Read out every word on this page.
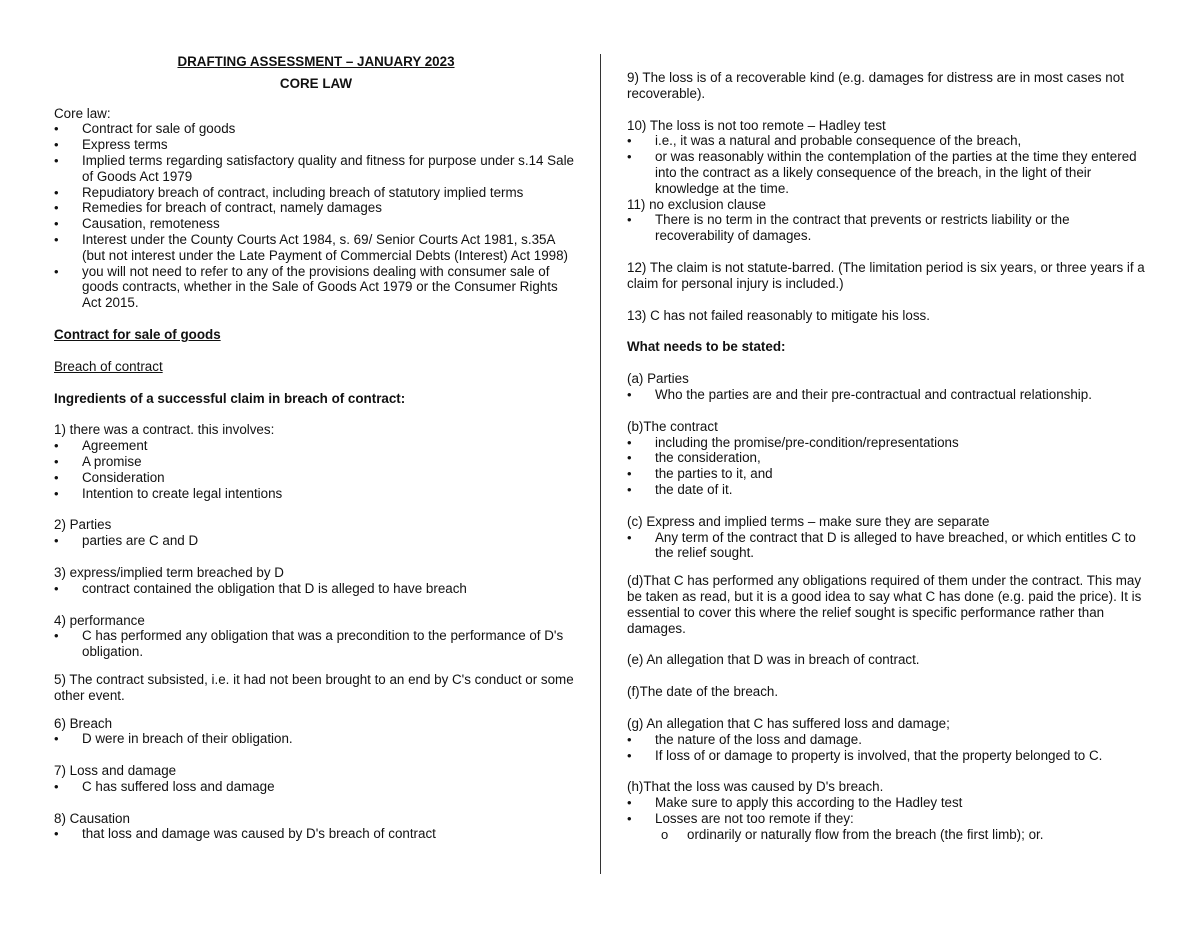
DRAFTING ASSESSMENT – JANUARY 2023

CORE LAW

Core law:

• Contract for sale of goods
• Express terms
• Implied terms regarding satisfactory quality and fitness for purpose under s.14 Sale of Goods Act 1979
• Repudiatory breach of contract, including breach of statutory implied terms
• Remedies for breach of contract, namely damages
• Causation, remoteness
• Interest under the County Courts Act 1984, s. 69/ Senior Courts Act 1981, s.35A (but not interest under the Late Payment of Commercial Debts (Interest) Act 1998)
• you will not need to refer to any of the provisions dealing with consumer sale of goods contracts, whether in the Sale of Goods Act 1979 or the Consumer Rights Act 2015.

Contract for sale of goods

Breach of contract

Ingredients of a successful claim in breach of contract:

1) there was a contract. this involves:

• Agreement
• A promise
• Consideration
• Intention to create legal intentions

2) Parties

• parties are C and D

3) express/implied term breached by D

• contract contained the obligation that D is alleged to have breach

4) performance

• C has performed any obligation that was a precondition to the performance of D's obligation.

5) The contract subsisted, i.e. it had not been brought to an end by C's conduct or some other event.

6) Breach

• D were in breach of their obligation.

7) Loss and damage

• C has suffered loss and damage

8) Causation

• that loss and damage was caused by D's breach of contract

9) The loss is of a recoverable kind (e.g. damages for distress are in most cases not recoverable).

10) The loss is not too remote – Hadley test

• i.e., it was a natural and probable consequence of the breach,
• or was reasonably within the contemplation of the parties at the time they entered into the contract as a likely consequence of the breach, in the light of their knowledge at the time.

11) no exclusion clause

• There is no term in the contract that prevents or restricts liability or the recoverability of damages.

12) The claim is not statute-barred. (The limitation period is six years, or three years if a claim for personal injury is included.)

13) C has not failed reasonably to mitigate his loss.

What needs to be stated:

(a) Parties

• Who the parties are and their pre-contractual and contractual relationship.

(b)The contract

• including the promise/pre-condition/representations
• the consideration,
• the parties to it, and
• the date of it.

(c) Express and implied terms – make sure they are separate

• Any term of the contract that D is alleged to have breached, or which entitles C to the relief sought.

(d)That C has performed any obligations required of them under the contract. This may be taken as read, but it is a good idea to say what C has done (e.g. paid the price). It is essential to cover this where the relief sought is specific performance rather than damages.

(e) An allegation that D was in breach of contract.

(f)The date of the breach.

(g) An allegation that C has suffered loss and damage;

• the nature of the loss and damage.
• If loss of or damage to property is involved, that the property belonged to C.

(h)That the loss was caused by D's breach.

• Make sure to apply this according to the Hadley test
• Losses are not too remote if they:
o ordinarily or naturally flow from the breach (the first limb); or.
